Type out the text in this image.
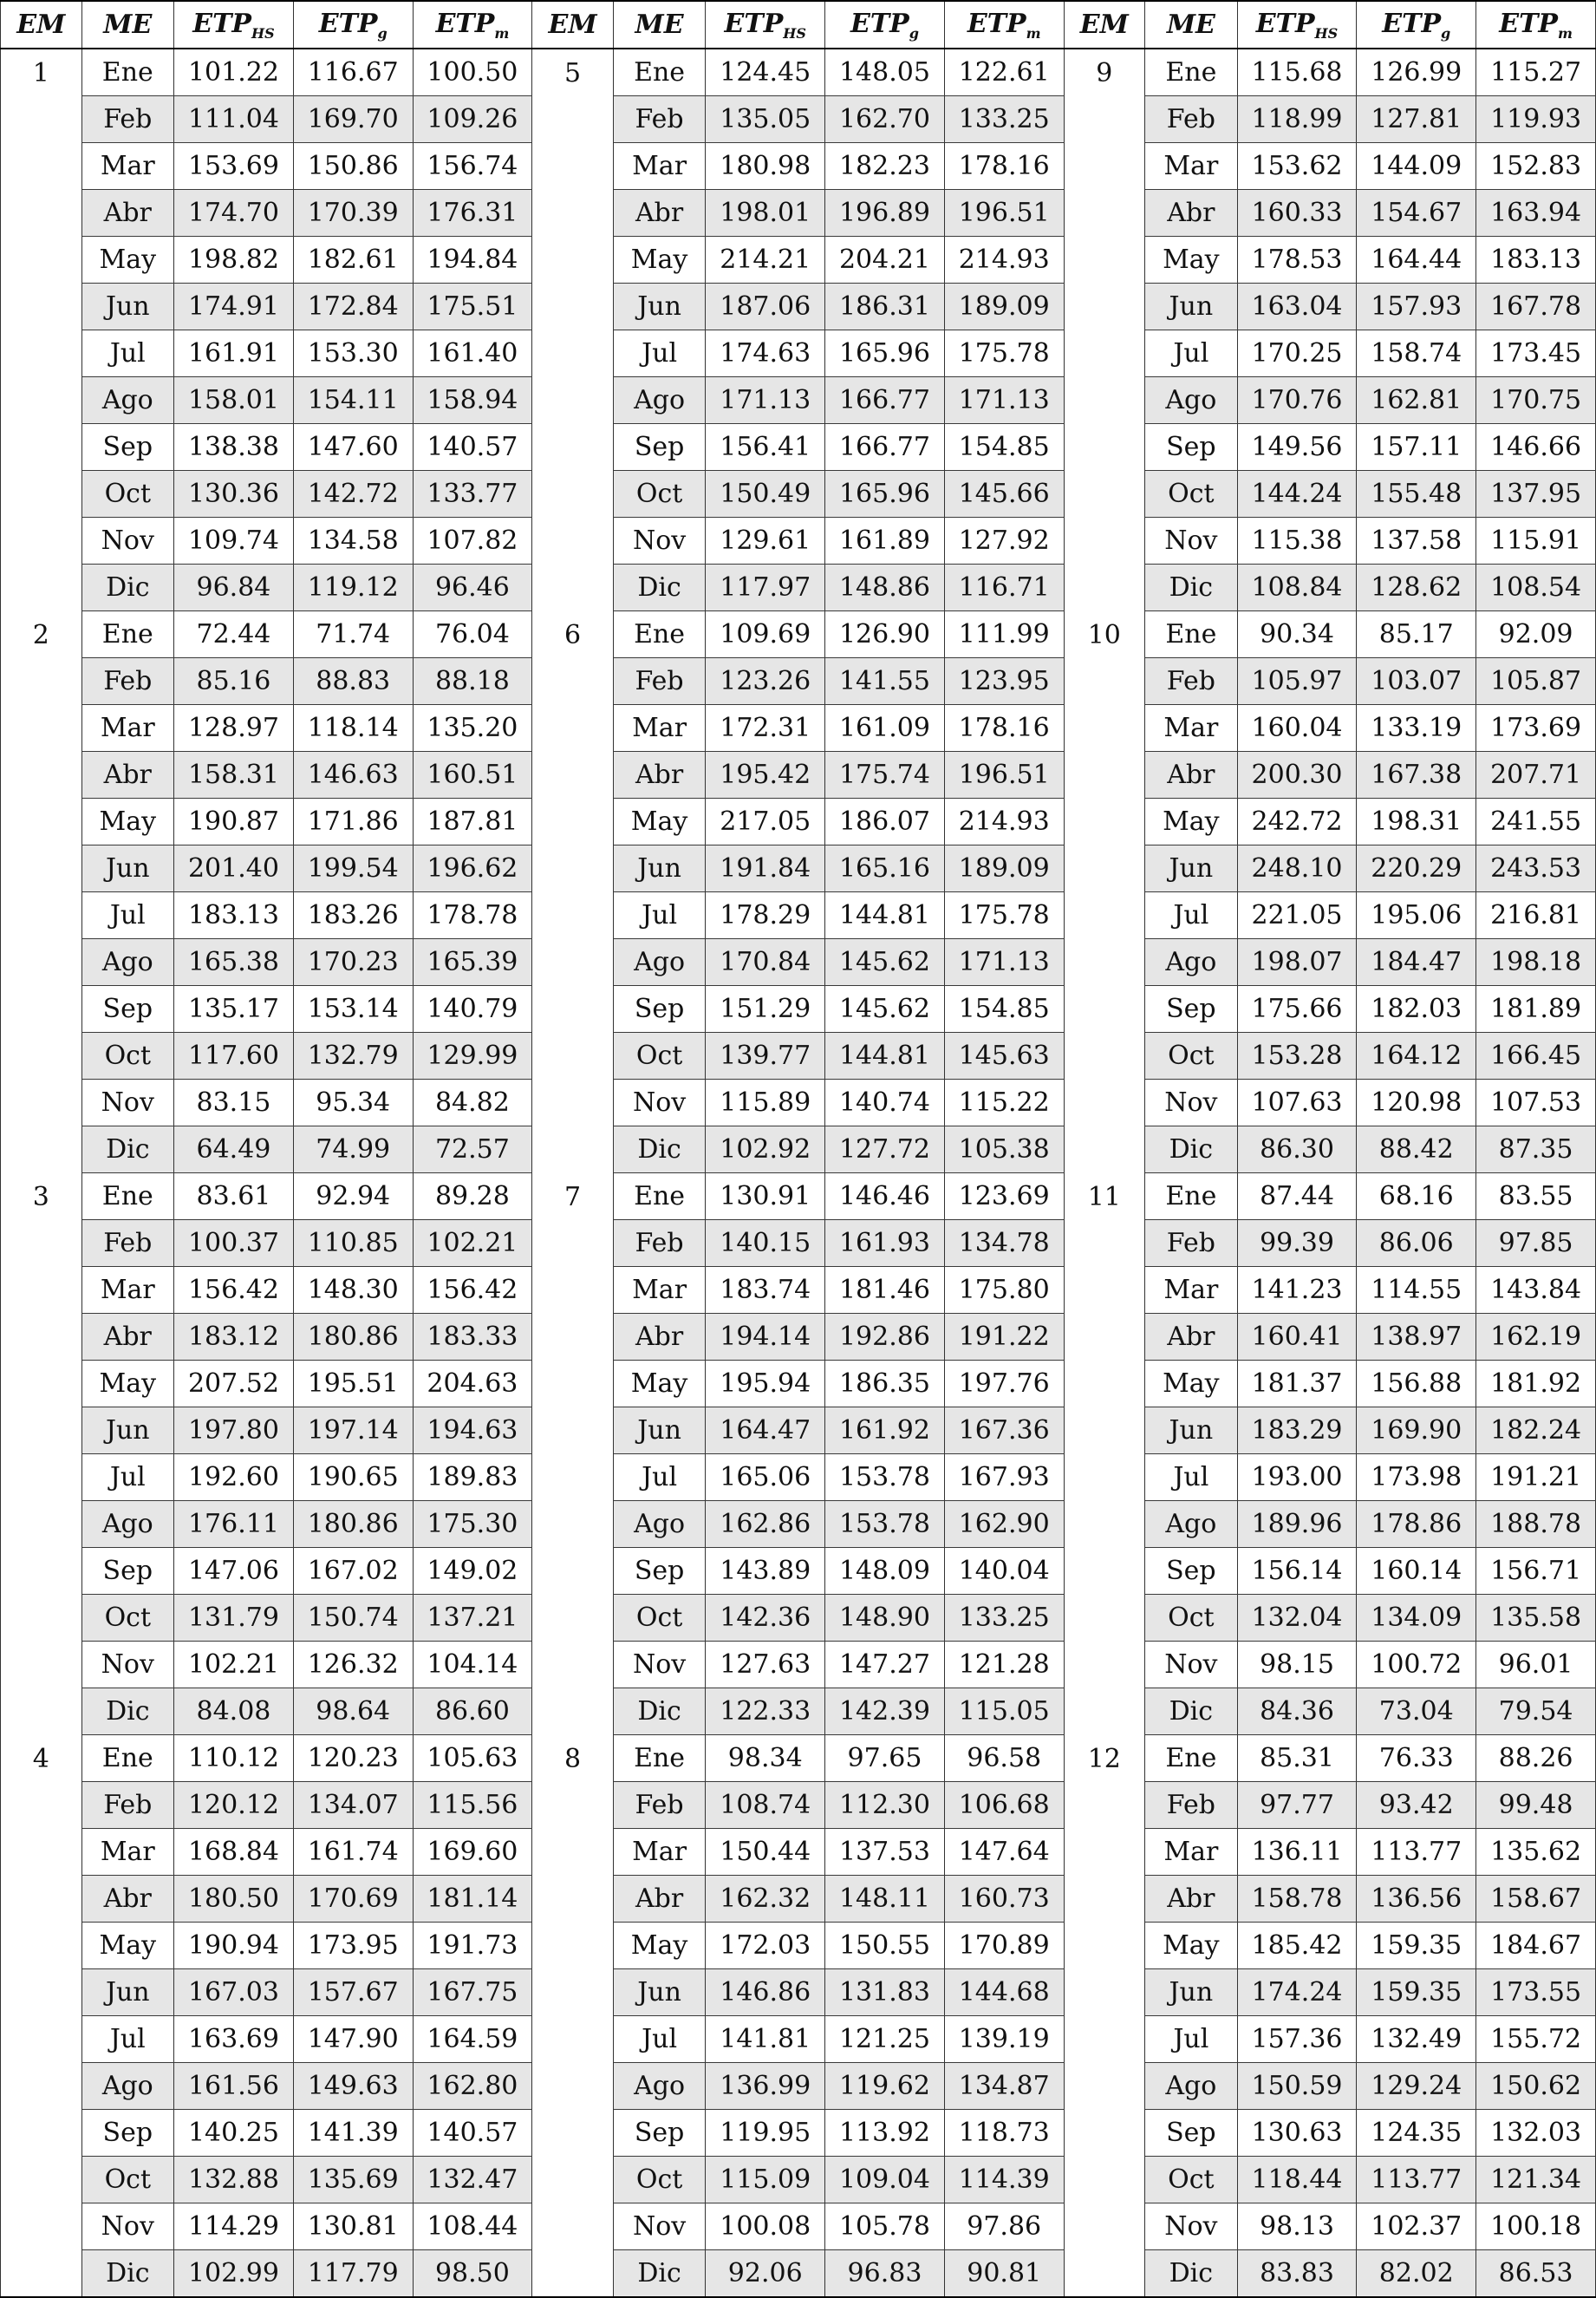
EM	ME	$ETP_{HS}$	$ETP_g$	$ETP_m$	EM	ME	$ETP_{HS}$	$ETP_g$	$ETP_m$	EM	ME	$ETP_{HS}$	$ETP_g$	$ETP_m$
1	Ene	101.22	116.67	100.50	5	Ene	124.45	148.05	122.61	9	Ene	115.68	126.99	115.27
	Feb	111.04	169.70	109.26		Feb	135.05	162.70	133.25		Feb	118.99	127.81	119.93
	Mar	153.69	150.86	156.74		Mar	180.98	182.23	178.16		Mar	153.62	144.09	152.83
	Abr	174.70	170.39	176.31		Abr	198.01	196.89	196.51		Abr	160.33	154.67	163.94
	May	198.82	182.61	194.84		May	214.21	204.21	214.93		May	178.53	164.44	183.13
	Jun	174.91	172.84	175.51		Jun	187.06	186.31	189.09		Jun	163.04	157.93	167.78
	Jul	161.91	153.30	161.40		Jul	174.63	165.96	175.78		Jul	170.25	158.74	173.45
	Ago	158.01	154.11	158.94		Ago	171.13	166.77	171.13		Ago	170.76	162.81	170.75
	Sep	138.38	147.60	140.57		Sep	156.41	166.77	154.85		Sep	149.56	157.11	146.66
	Oct	130.36	142.72	133.77		Oct	150.49	165.96	145.66		Oct	144.24	155.48	137.95
	Nov	109.74	134.58	107.82		Nov	129.61	161.89	127.92		Nov	115.38	137.58	115.91
	Dic	96.84	119.12	96.46		Dic	117.97	148.86	116.71		Dic	108.84	128.62	108.54
2	Ene	72.44	71.74	76.04	6	Ene	109.69	126.90	111.99	10	Ene	90.34	85.17	92.09
	Feb	85.16	88.83	88.18		Feb	123.26	141.55	123.95		Feb	105.97	103.07	105.87
	Mar	128.97	118.14	135.20		Mar	172.31	161.09	178.16		Mar	160.04	133.19	173.69
	Abr	158.31	146.63	160.51		Abr	195.42	175.74	196.51		Abr	200.30	167.38	207.71
	May	190.87	171.86	187.81		May	217.05	186.07	214.93		May	242.72	198.31	241.55
	Jun	201.40	199.54	196.62		Jun	191.84	165.16	189.09		Jun	248.10	220.29	243.53
	Jul	183.13	183.26	178.78		Jul	178.29	144.81	175.78		Jul	221.05	195.06	216.81
	Ago	165.38	170.23	165.39		Ago	170.84	145.62	171.13		Ago	198.07	184.47	198.18
	Sep	135.17	153.14	140.79		Sep	151.29	145.62	154.85		Sep	175.66	182.03	181.89
	Oct	117.60	132.79	129.99		Oct	139.77	144.81	145.63		Oct	153.28	164.12	166.45
	Nov	83.15	95.34	84.82		Nov	115.89	140.74	115.22		Nov	107.63	120.98	107.53
	Dic	64.49	74.99	72.57		Dic	102.92	127.72	105.38		Dic	86.30	88.42	87.35
3	Ene	83.61	92.94	89.28	7	Ene	130.91	146.46	123.69	11	Ene	87.44	68.16	83.55
	Feb	100.37	110.85	102.21		Feb	140.15	161.93	134.78		Feb	99.39	86.06	97.85
	Mar	156.42	148.30	156.42		Mar	183.74	181.46	175.80		Mar	141.23	114.55	143.84
	Abr	183.12	180.86	183.33		Abr	194.14	192.86	191.22		Abr	160.41	138.97	162.19
	May	207.52	195.51	204.63		May	195.94	186.35	197.76		May	181.37	156.88	181.92
	Jun	197.80	197.14	194.63		Jun	164.47	161.92	167.36		Jun	183.29	169.90	182.24
	Jul	192.60	190.65	189.83		Jul	165.06	153.78	167.93		Jul	193.00	173.98	191.21
	Ago	176.11	180.86	175.30		Ago	162.86	153.78	162.90		Ago	189.96	178.86	188.78
	Sep	147.06	167.02	149.02		Sep	143.89	148.09	140.04		Sep	156.14	160.14	156.71
	Oct	131.79	150.74	137.21		Oct	142.36	148.90	133.25		Oct	132.04	134.09	135.58
	Nov	102.21	126.32	104.14		Nov	127.63	147.27	121.28		Nov	98.15	100.72	96.01
	Dic	84.08	98.64	86.60		Dic	122.33	142.39	115.05		Dic	84.36	73.04	79.54
4	Ene	110.12	120.23	105.63	8	Ene	98.34	97.65	96.58	12	Ene	85.31	76.33	88.26
	Feb	120.12	134.07	115.56		Feb	108.74	112.30	106.68		Feb	97.77	93.42	99.48
	Mar	168.84	161.74	169.60		Mar	150.44	137.53	147.64		Mar	136.11	113.77	135.62
	Abr	180.50	170.69	181.14		Abr	162.32	148.11	160.73		Abr	158.78	136.56	158.67
	May	190.94	173.95	191.73		May	172.03	150.55	170.89		May	185.42	159.35	184.67
	Jun	167.03	157.67	167.75		Jun	146.86	131.83	144.68		Jun	174.24	159.35	173.55
	Jul	163.69	147.90	164.59		Jul	141.81	121.25	139.19		Jul	157.36	132.49	155.72
	Ago	161.56	149.63	162.80		Ago	136.99	119.62	134.87		Ago	150.59	129.24	150.62
	Sep	140.25	141.39	140.57		Sep	119.95	113.92	118.73		Sep	130.63	124.35	132.03
	Oct	132.88	135.69	132.47		Oct	115.09	109.04	114.39		Oct	118.44	113.77	121.34
	Nov	114.29	130.81	108.44		Nov	100.08	105.78	97.86		Nov	98.13	102.37	100.18
	Dic	102.99	117.79	98.50		Dic	92.06	96.83	90.81		Dic	83.83	82.02	86.53
